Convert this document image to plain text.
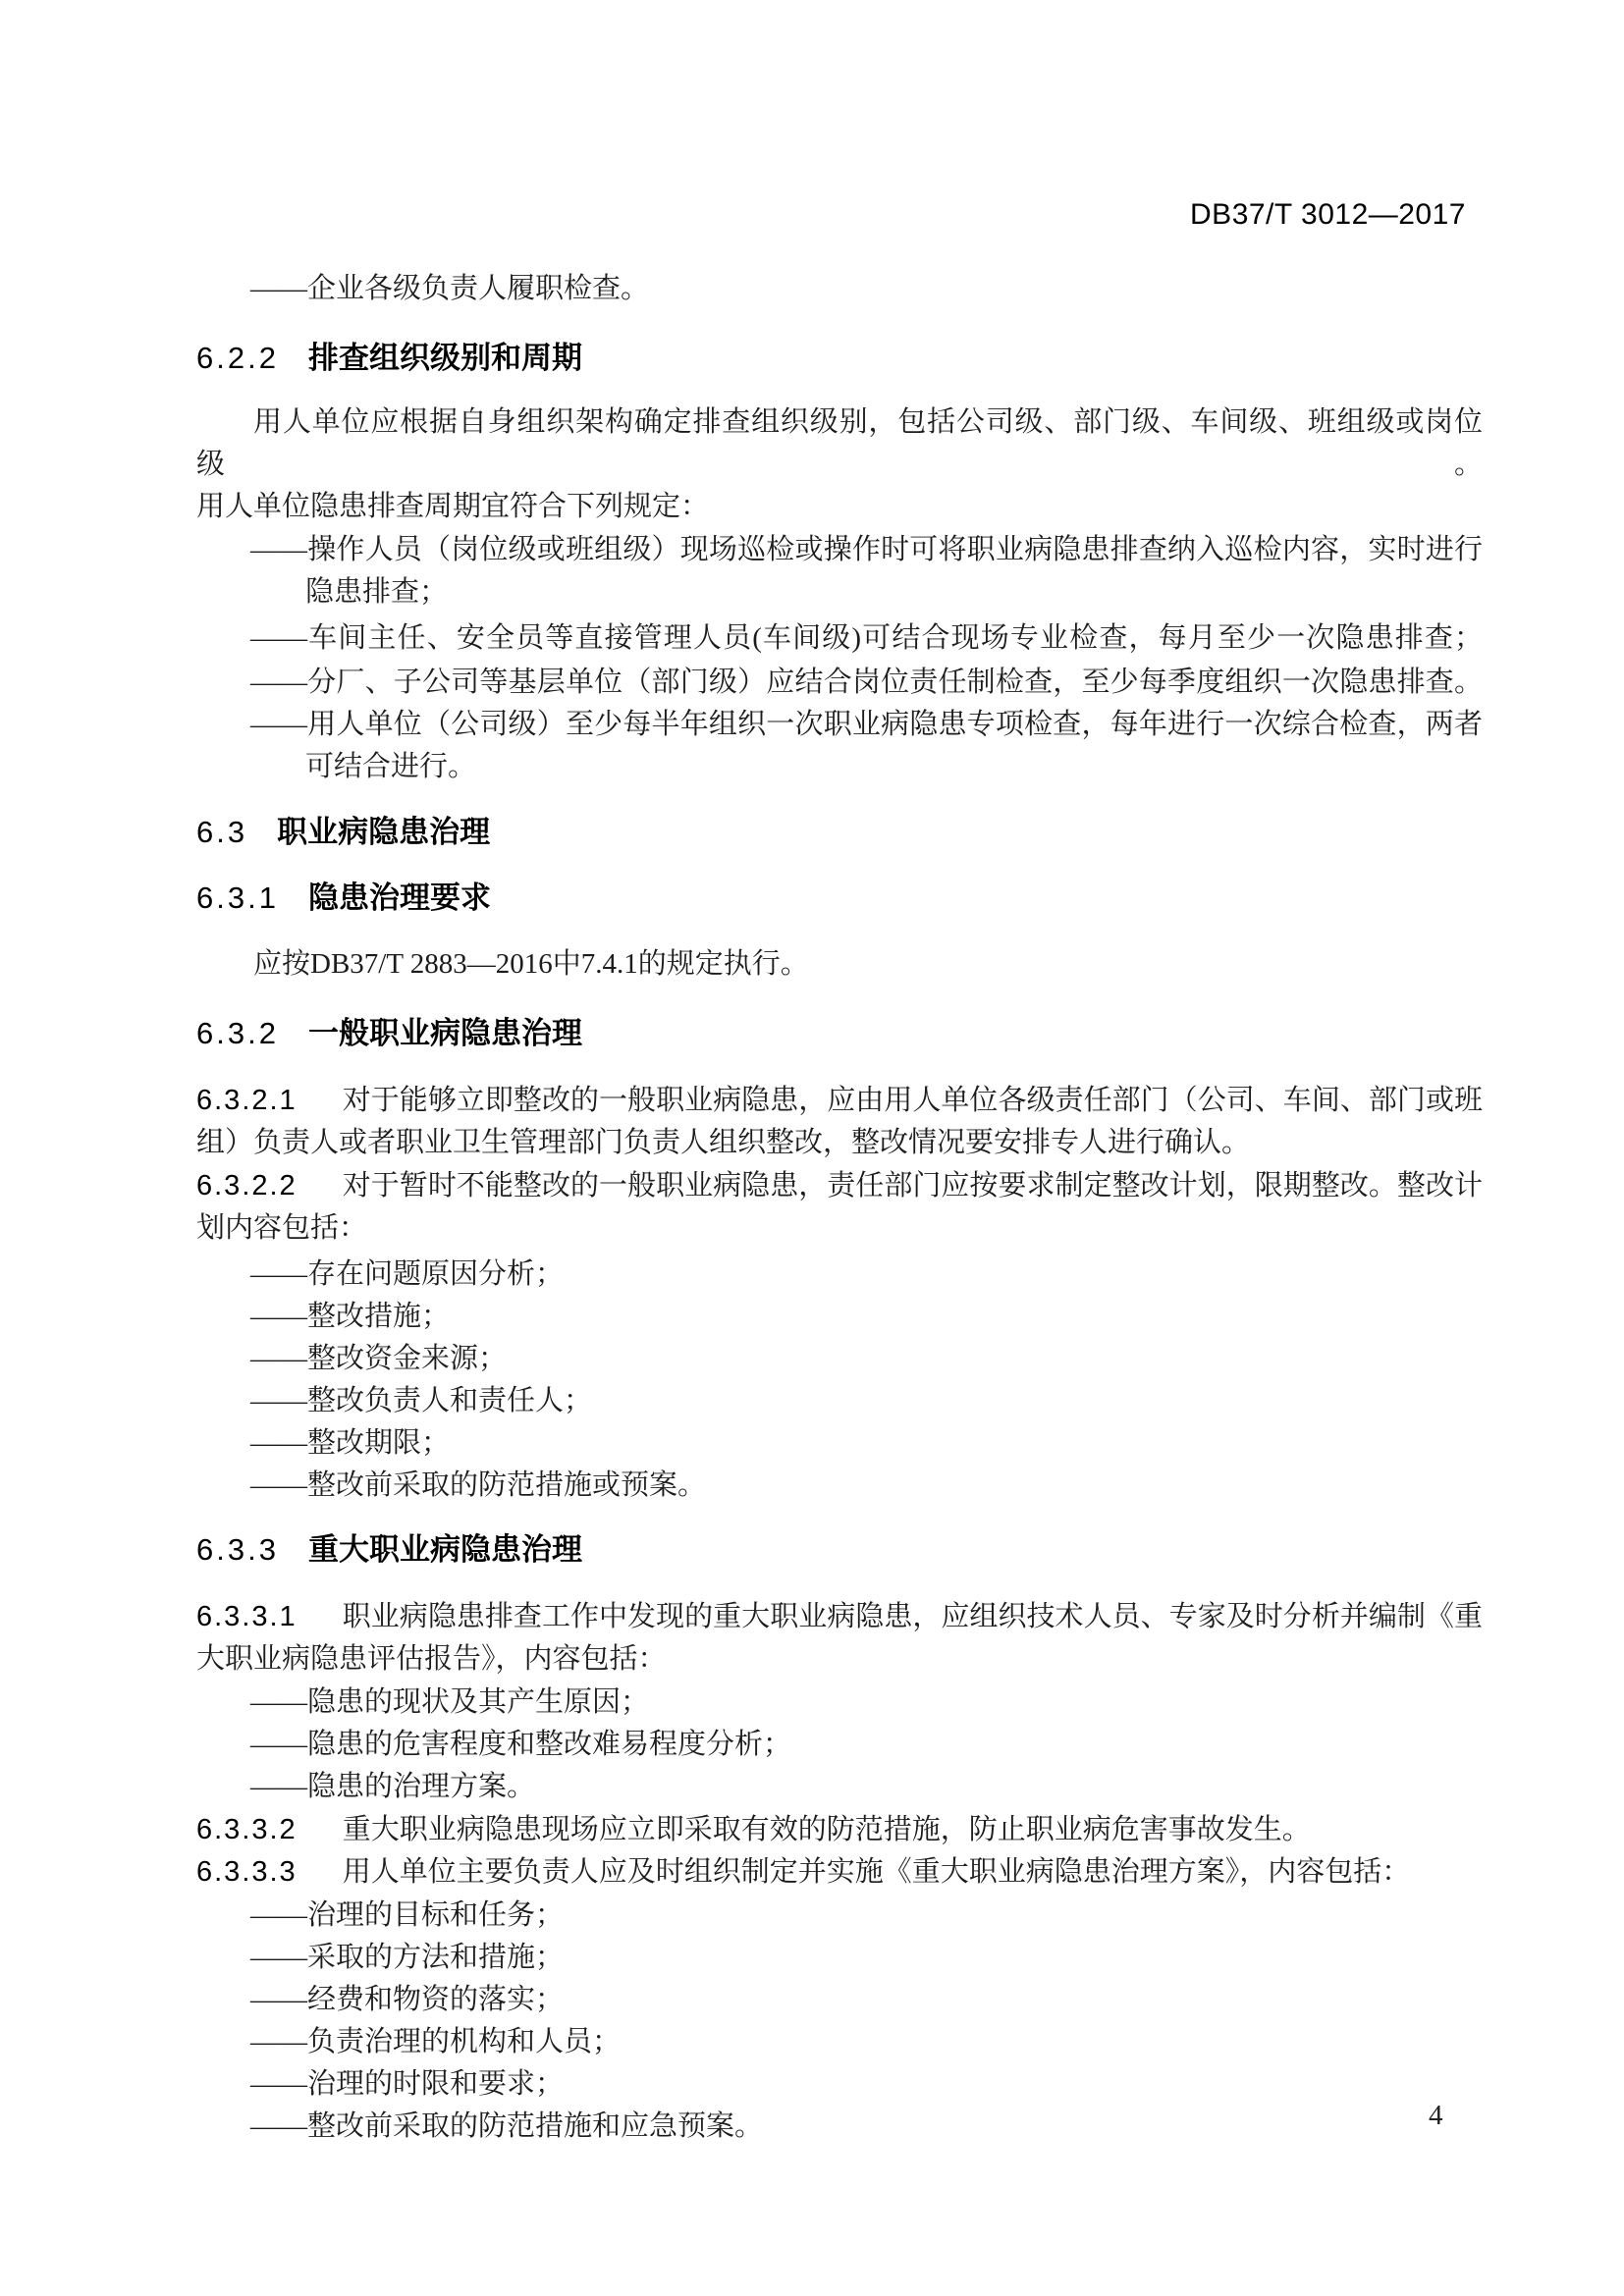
DB37/T 3012—2017
——企业各级负责人履职检查。
6.2.2 排查组织级别和周期
用人单位应根据自身组织架构确定排查组织级别，包括公司级、部门级、车间级、班组级或岗位级。
用人单位隐患排查周期宜符合下列规定：
——操作人员（岗位级或班组级）现场巡检或操作时可将职业病隐患排查纳入巡检内容，实时进行
隐患排查；
——车间主任、安全员等直接管理人员(车间级)可结合现场专业检查，每月至少一次隐患排查；
——分厂、子公司等基层单位（部门级）应结合岗位责任制检查，至少每季度组织一次隐患排查。
——用人单位（公司级）至少每半年组织一次职业病隐患专项检查，每年进行一次综合检查，两者
可结合进行。
6.3 职业病隐患治理
6.3.1 隐患治理要求
应按DB37/T 2883—2016中7.4.1的规定执行。
6.3.2 一般职业病隐患治理
6.3.2.1 对于能够立即整改的一般职业病隐患，应由用人单位各级责任部门（公司、车间、部门或班
组）负责人或者职业卫生管理部门负责人组织整改，整改情况要安排专人进行确认。
6.3.2.2 对于暂时不能整改的一般职业病隐患，责任部门应按要求制定整改计划，限期整改。整改计
划内容包括：
——存在问题原因分析；
——整改措施；
——整改资金来源；
——整改负责人和责任人；
——整改期限；
——整改前采取的防范措施或预案。
6.3.3 重大职业病隐患治理
6.3.3.1 职业病隐患排查工作中发现的重大职业病隐患，应组织技术人员、专家及时分析并编制《重
大职业病隐患评估报告》，内容包括：
——隐患的现状及其产生原因；
——隐患的危害程度和整改难易程度分析；
——隐患的治理方案。
6.3.3.2 重大职业病隐患现场应立即采取有效的防范措施，防止职业病危害事故发生。
6.3.3.3 用人单位主要负责人应及时组织制定并实施《重大职业病隐患治理方案》，内容包括：
——治理的目标和任务；
——采取的方法和措施；
——经费和物资的落实；
——负责治理的机构和人员；
——治理的时限和要求；
——整改前采取的防范措施和应急预案。	4
